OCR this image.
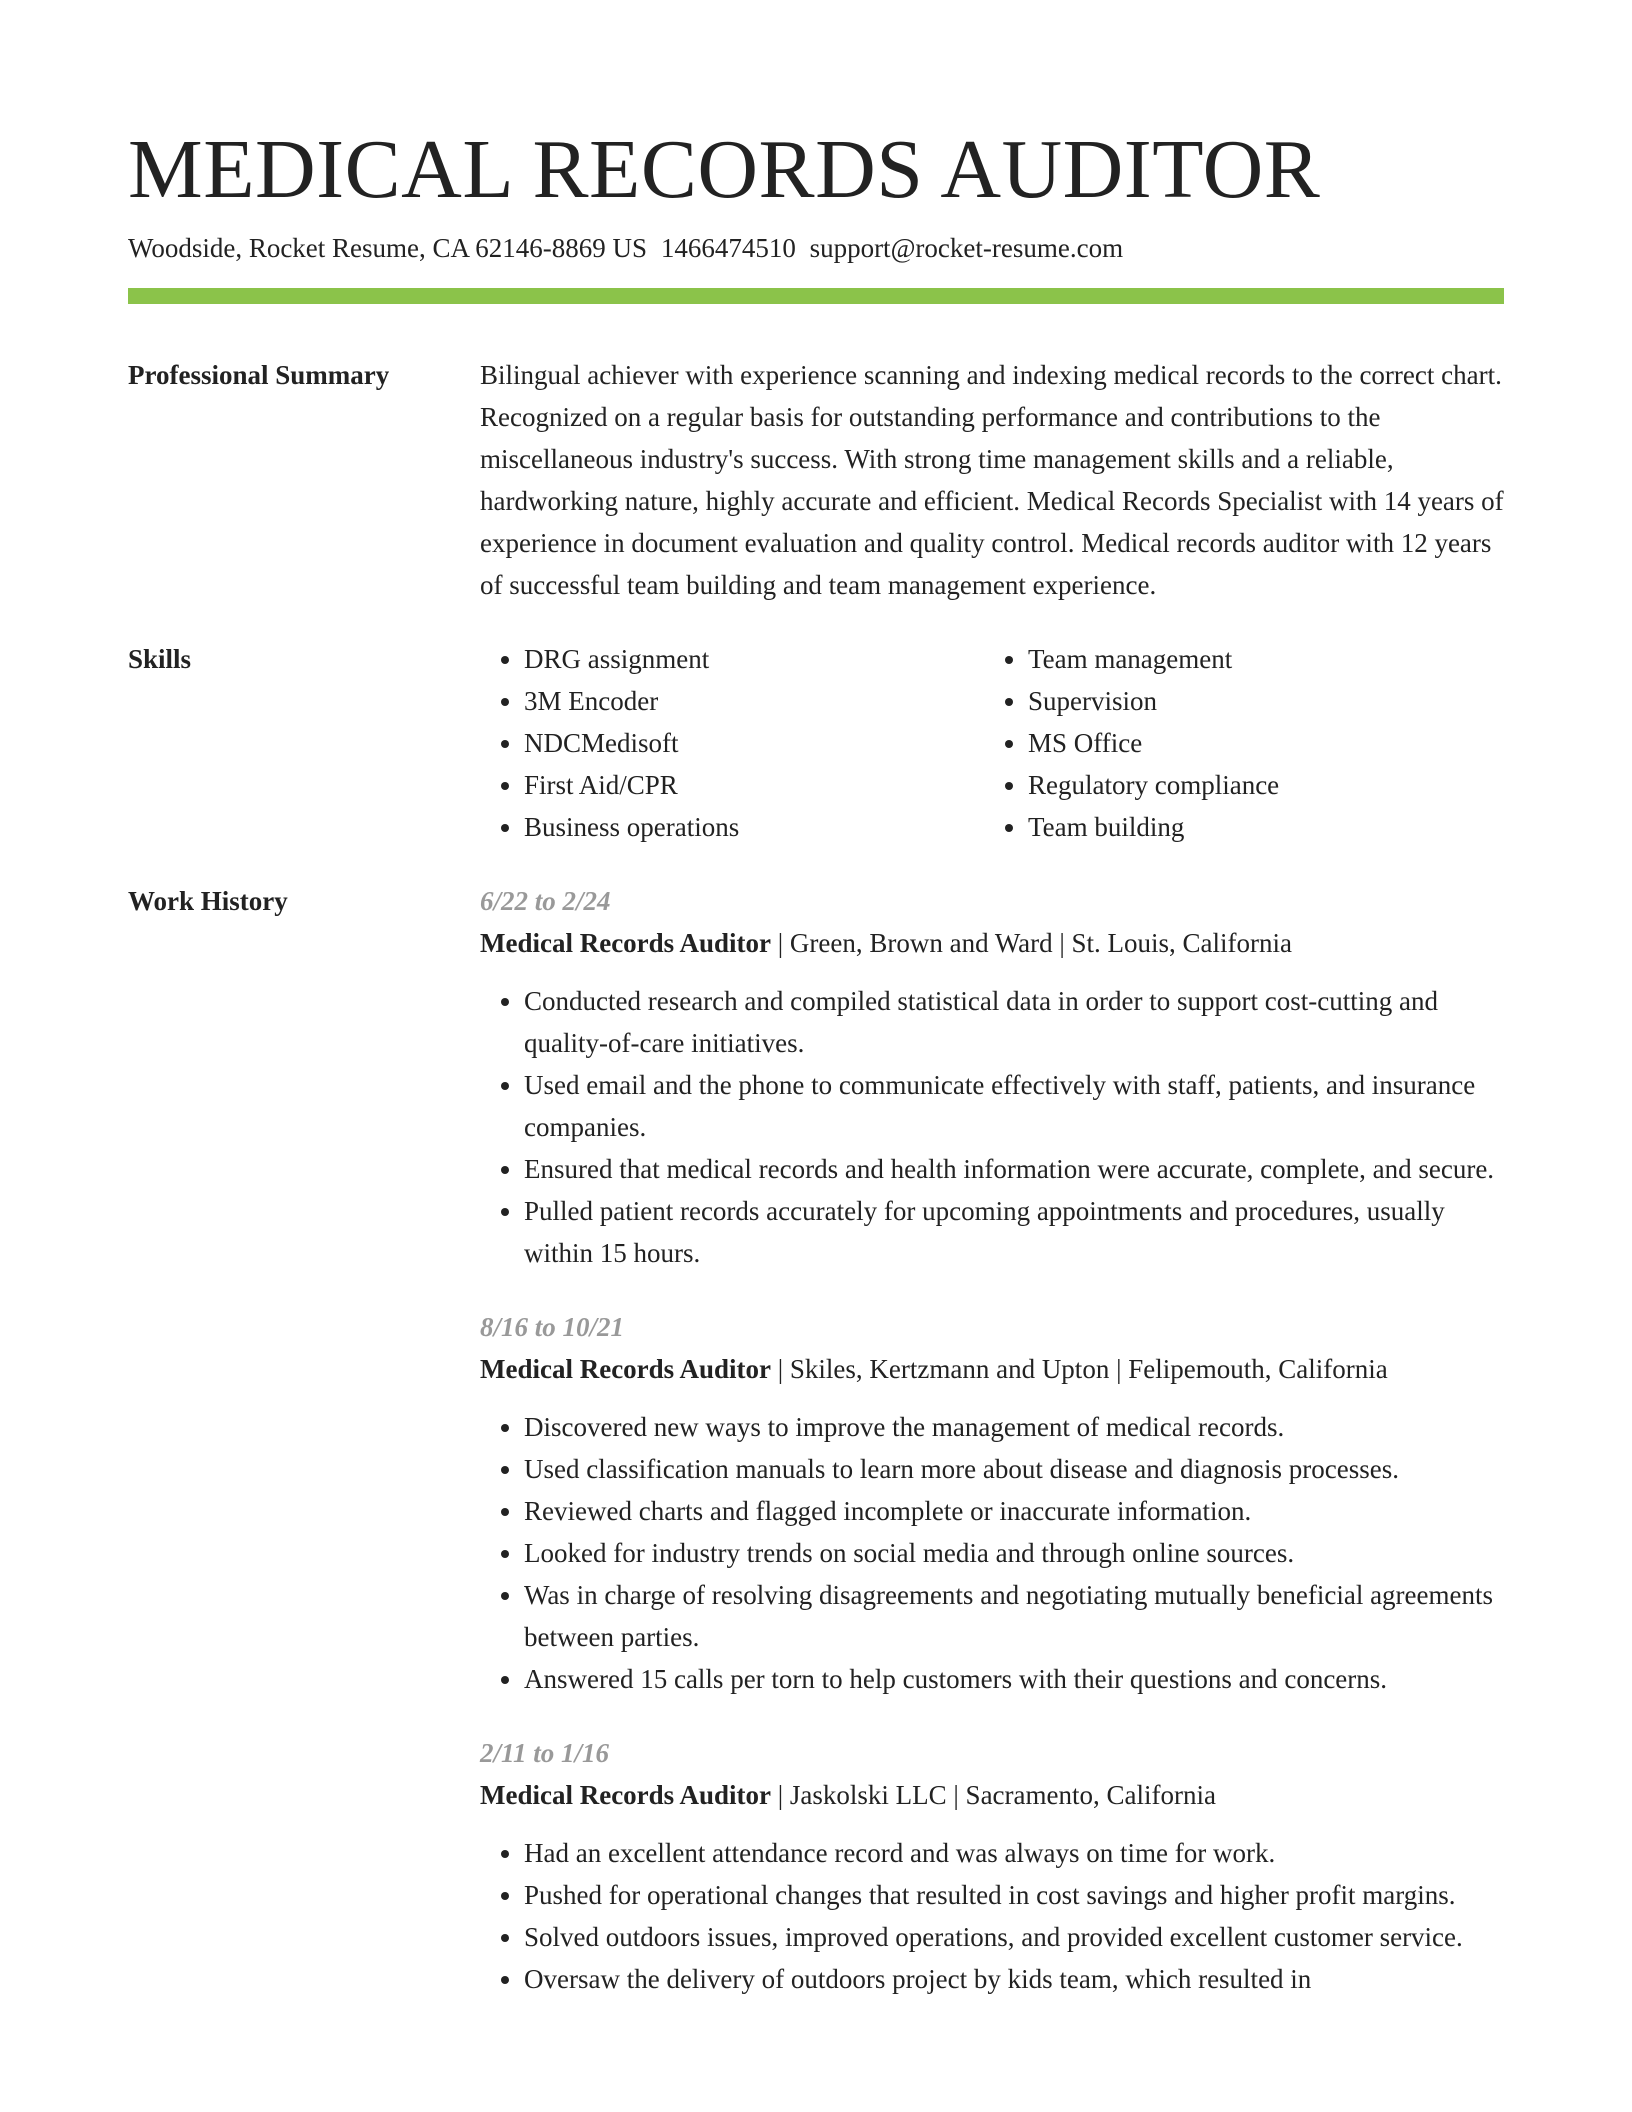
MEDICAL RECORDS AUDITOR
Woodside, Rocket Resume, CA 62146-8869 US 1466474510 support@rocket-resume.com
Professional Summary	Bilingual achiever with experience scanning and indexing medical records to the correct chart. Recognized on a regular basis for outstanding performance and contributions to the miscellaneous industry's success. With strong time management skills and a reliable, hardworking nature, highly accurate and efficient. Medical Records Specialist with 14 years of experience in document evaluation and quality control. Medical records auditor with 12 years of successful team building and team management experience.

Skills
•	DRG assignment
• 3M Encoder
• NDCMedisoft
• First Aid/CPR
• Business operations
• Team management
• Supervision
• MS Office
• Regulatory compliance
• Team building
Work History	6/22 to 2/24
Medical Records Auditor | Green, Brown and Ward | St. Louis, California
• Conducted research and compiled statistical data in order to support cost-cutting and quality-of-care initiatives.
• Used email and the phone to communicate effectively with staff, patients, and insurance companies.
• Ensured that medical records and health information were accurate, complete, and secure.
• Pulled patient records accurately for upcoming appointments and procedures, usually within 15 hours.
8/16 to 10/21
Medical Records Auditor | Skiles, Kertzmann and Upton | Felipemouth, California
• Discovered new ways to improve the management of medical records.
• Used classification manuals to learn more about disease and diagnosis processes.
• Reviewed charts and flagged incomplete or inaccurate information.
• Looked for industry trends on social media and through online sources.
• Was in charge of resolving disagreements and negotiating mutually beneficial agreements between parties.
• Answered 15 calls per torn to help customers with their questions and concerns.
2/11 to 1/16
Medical Records Auditor | Jaskolski LLC | Sacramento, California
• Had an excellent attendance record and was always on time for work.
• Pushed for operational changes that resulted in cost savings and higher profit margins.
• Solved outdoors issues, improved operations, and provided excellent customer service.
• Oversaw the delivery of outdoors project by kids team, which resulted in
